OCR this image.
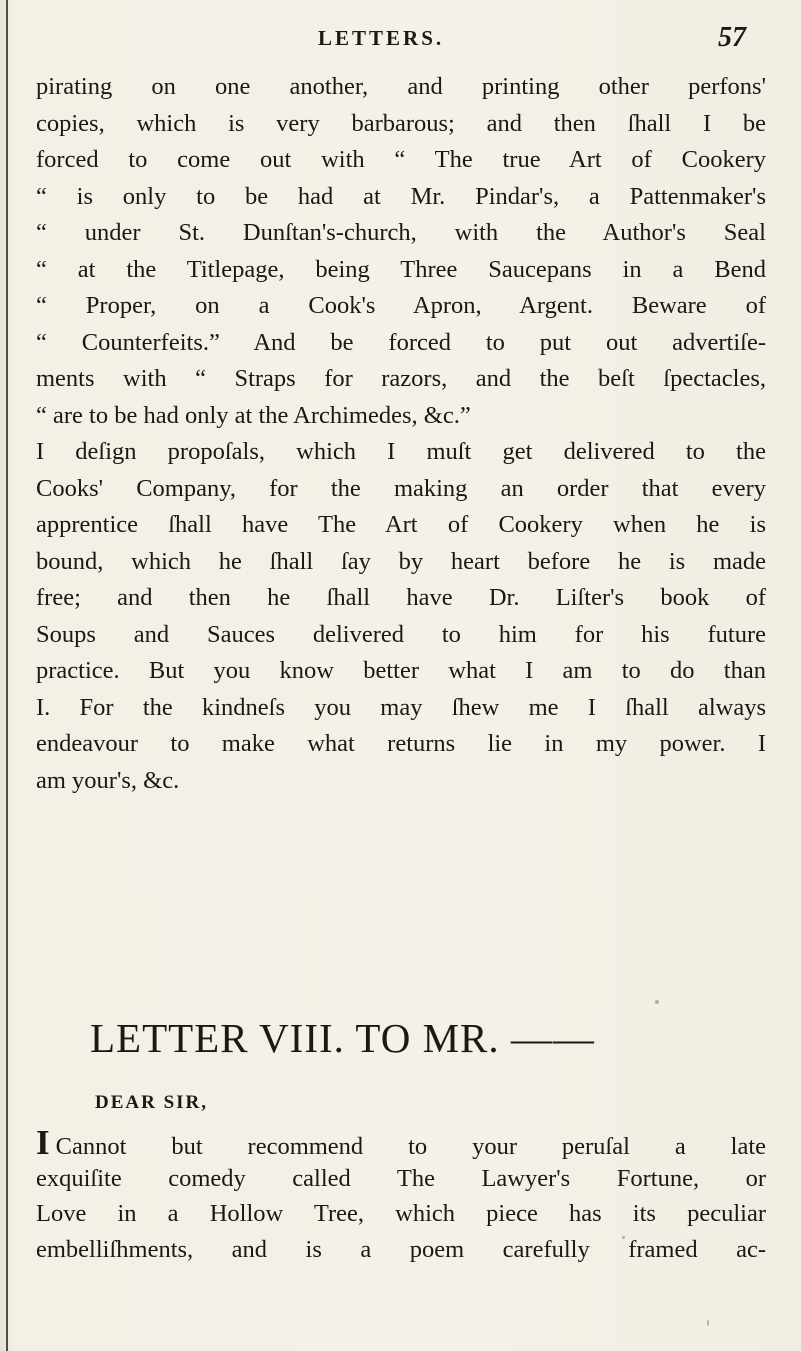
LETTERS.	57
pirating on one another, and printing other perfons'
copies, which is very barbarous; and then ſhall I be
forced to come out with “ The true Art of Cookery
“ is only to be had at Mr. Pindar's, a Pattenmaker's
“ under St. Dunſtan's-church, with the Author's Seal
“ at the Titlepage, being Three Saucepans in a Bend
“ Proper, on a Cook's Apron, Argent. Beware of
“ Counterfeits.” And be forced to put out advertiſe-
ments with “ Straps for razors, and the beſt ſpectacles,
“ are to be had only at the Archimedes, &c.”
I deſign propoſals, which I muſt get delivered to the
Cooks' Company, for the making an order that every
apprentice ſhall have The Art of Cookery when he is
bound, which he ſhall ſay by heart before he is made
free; and then he ſhall have Dr. Liſter's book of
Soups and Sauces delivered to him for his future
practice. But you know better what I am to do than
I. For the kindneſs you may ſhew me I ſhall always
endeavour to make what returns lie in my power. I
am your's, &c.
LETTER VIII. TO MR. ——
DEAR SIR,
I Cannot but recommend to your peruſal a late
exquiſite comedy called The Lawyer's Fortune, or
Love in a Hollow Tree, which piece has its peculiar
embelliſhments, and is a poem carefully framed ac-
